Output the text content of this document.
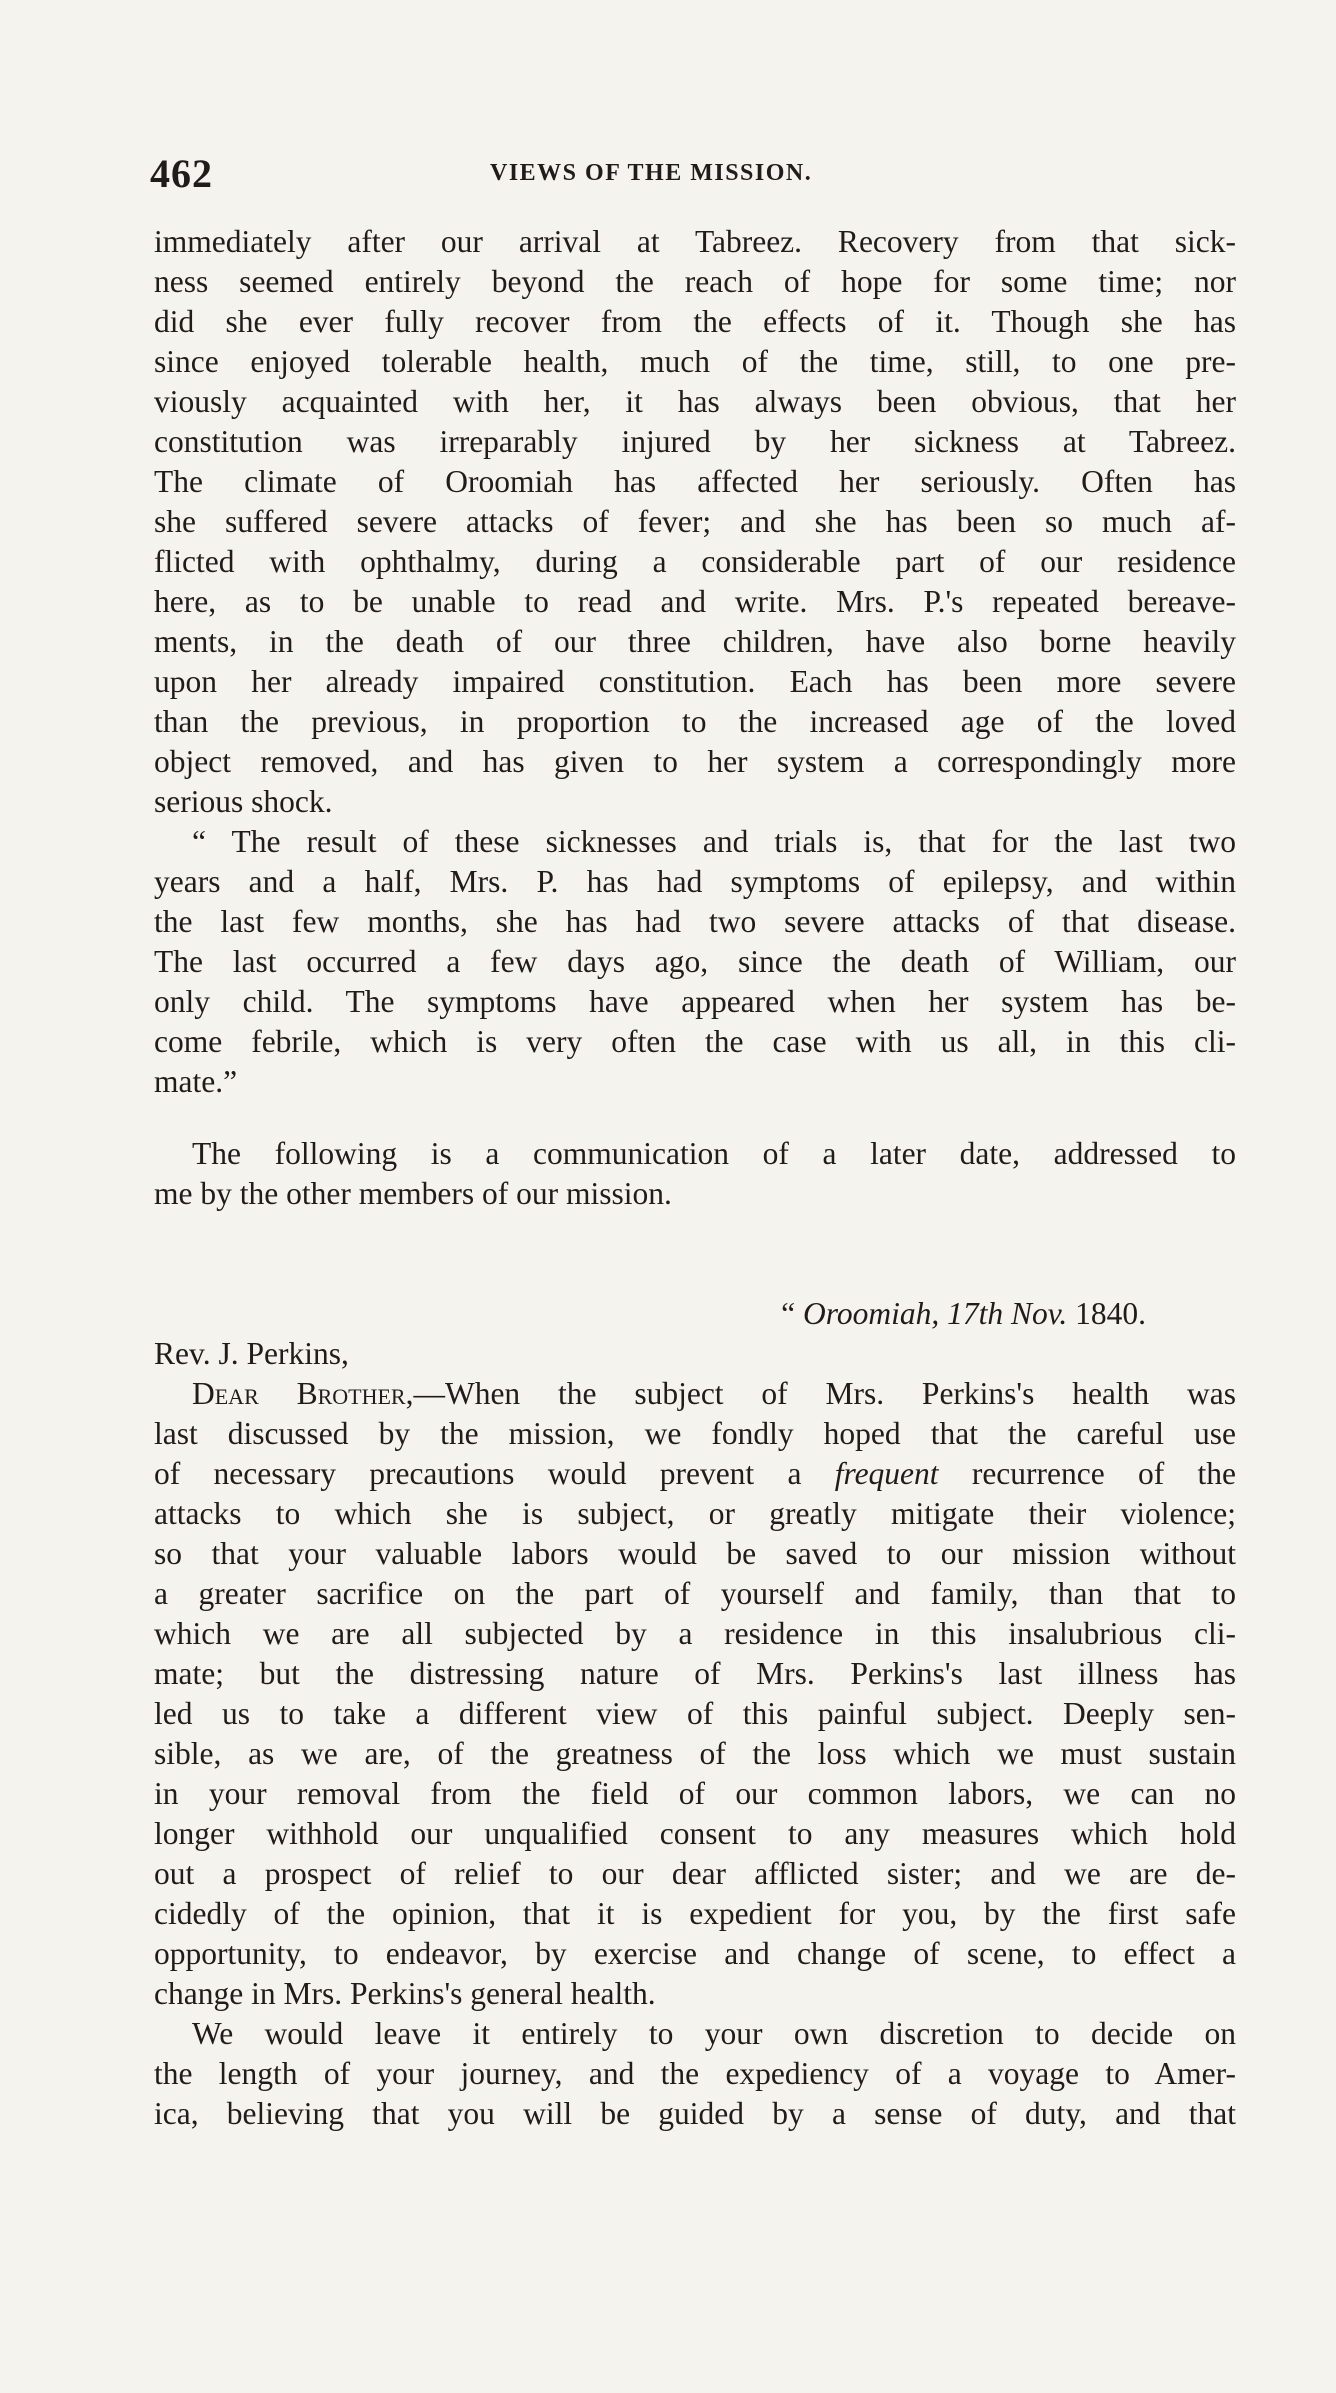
462	VIEWS OF THE MISSION.
immediately after our arrival at Tabreez. Recovery from that sick-
ness seemed entirely beyond the reach of hope for some time; nor
did she ever fully recover from the effects of it. Though she has
since enjoyed tolerable health, much of the time, still, to one pre-
viously acquainted with her, it has always been obvious, that her
constitution was irreparably injured by her sickness at Tabreez.
The climate of Oroomiah has affected her seriously. Often has
she suffered severe attacks of fever; and she has been so much af-
flicted with ophthalmy, during a considerable part of our residence
here, as to be unable to read and write. Mrs. P.'s repeated bereave-
ments, in the death of our three children, have also borne heavily
upon her already impaired constitution. Each has been more severe
than the previous, in proportion to the increased age of the loved
object removed, and has given to her system a correspondingly more
serious shock.
“ The result of these sicknesses and trials is, that for the last two
years and a half, Mrs. P. has had symptoms of epilepsy, and within
the last few months, she has had two severe attacks of that disease.
The last occurred a few days ago, since the death of William, our
only child. The symptoms have appeared when her system has be-
come febrile, which is very often the case with us all, in this cli-
mate.”
The following is a communication of a later date, addressed to
me by the other members of our mission.
“ Oroomiah, 17th Nov. 1840.
Rev. J. Perkins,
Dear Brother,—When the subject of Mrs. Perkins's health was
last discussed by the mission, we fondly hoped that the careful use
of necessary precautions would prevent a frequent recurrence of the
attacks to which she is subject, or greatly mitigate their violence;
so that your valuable labors would be saved to our mission without
a greater sacrifice on the part of yourself and family, than that to
which we are all subjected by a residence in this insalubrious cli-
mate; but the distressing nature of Mrs. Perkins's last illness has
led us to take a different view of this painful subject. Deeply sen-
sible, as we are, of the greatness of the loss which we must sustain
in your removal from the field of our common labors, we can no
longer withhold our unqualified consent to any measures which hold
out a prospect of relief to our dear afflicted sister; and we are de-
cidedly of the opinion, that it is expedient for you, by the first safe
opportunity, to endeavor, by exercise and change of scene, to effect a
change in Mrs. Perkins's general health.
We would leave it entirely to your own discretion to decide on
the length of your journey, and the expediency of a voyage to Amer-
ica, believing that you will be guided by a sense of duty, and that
